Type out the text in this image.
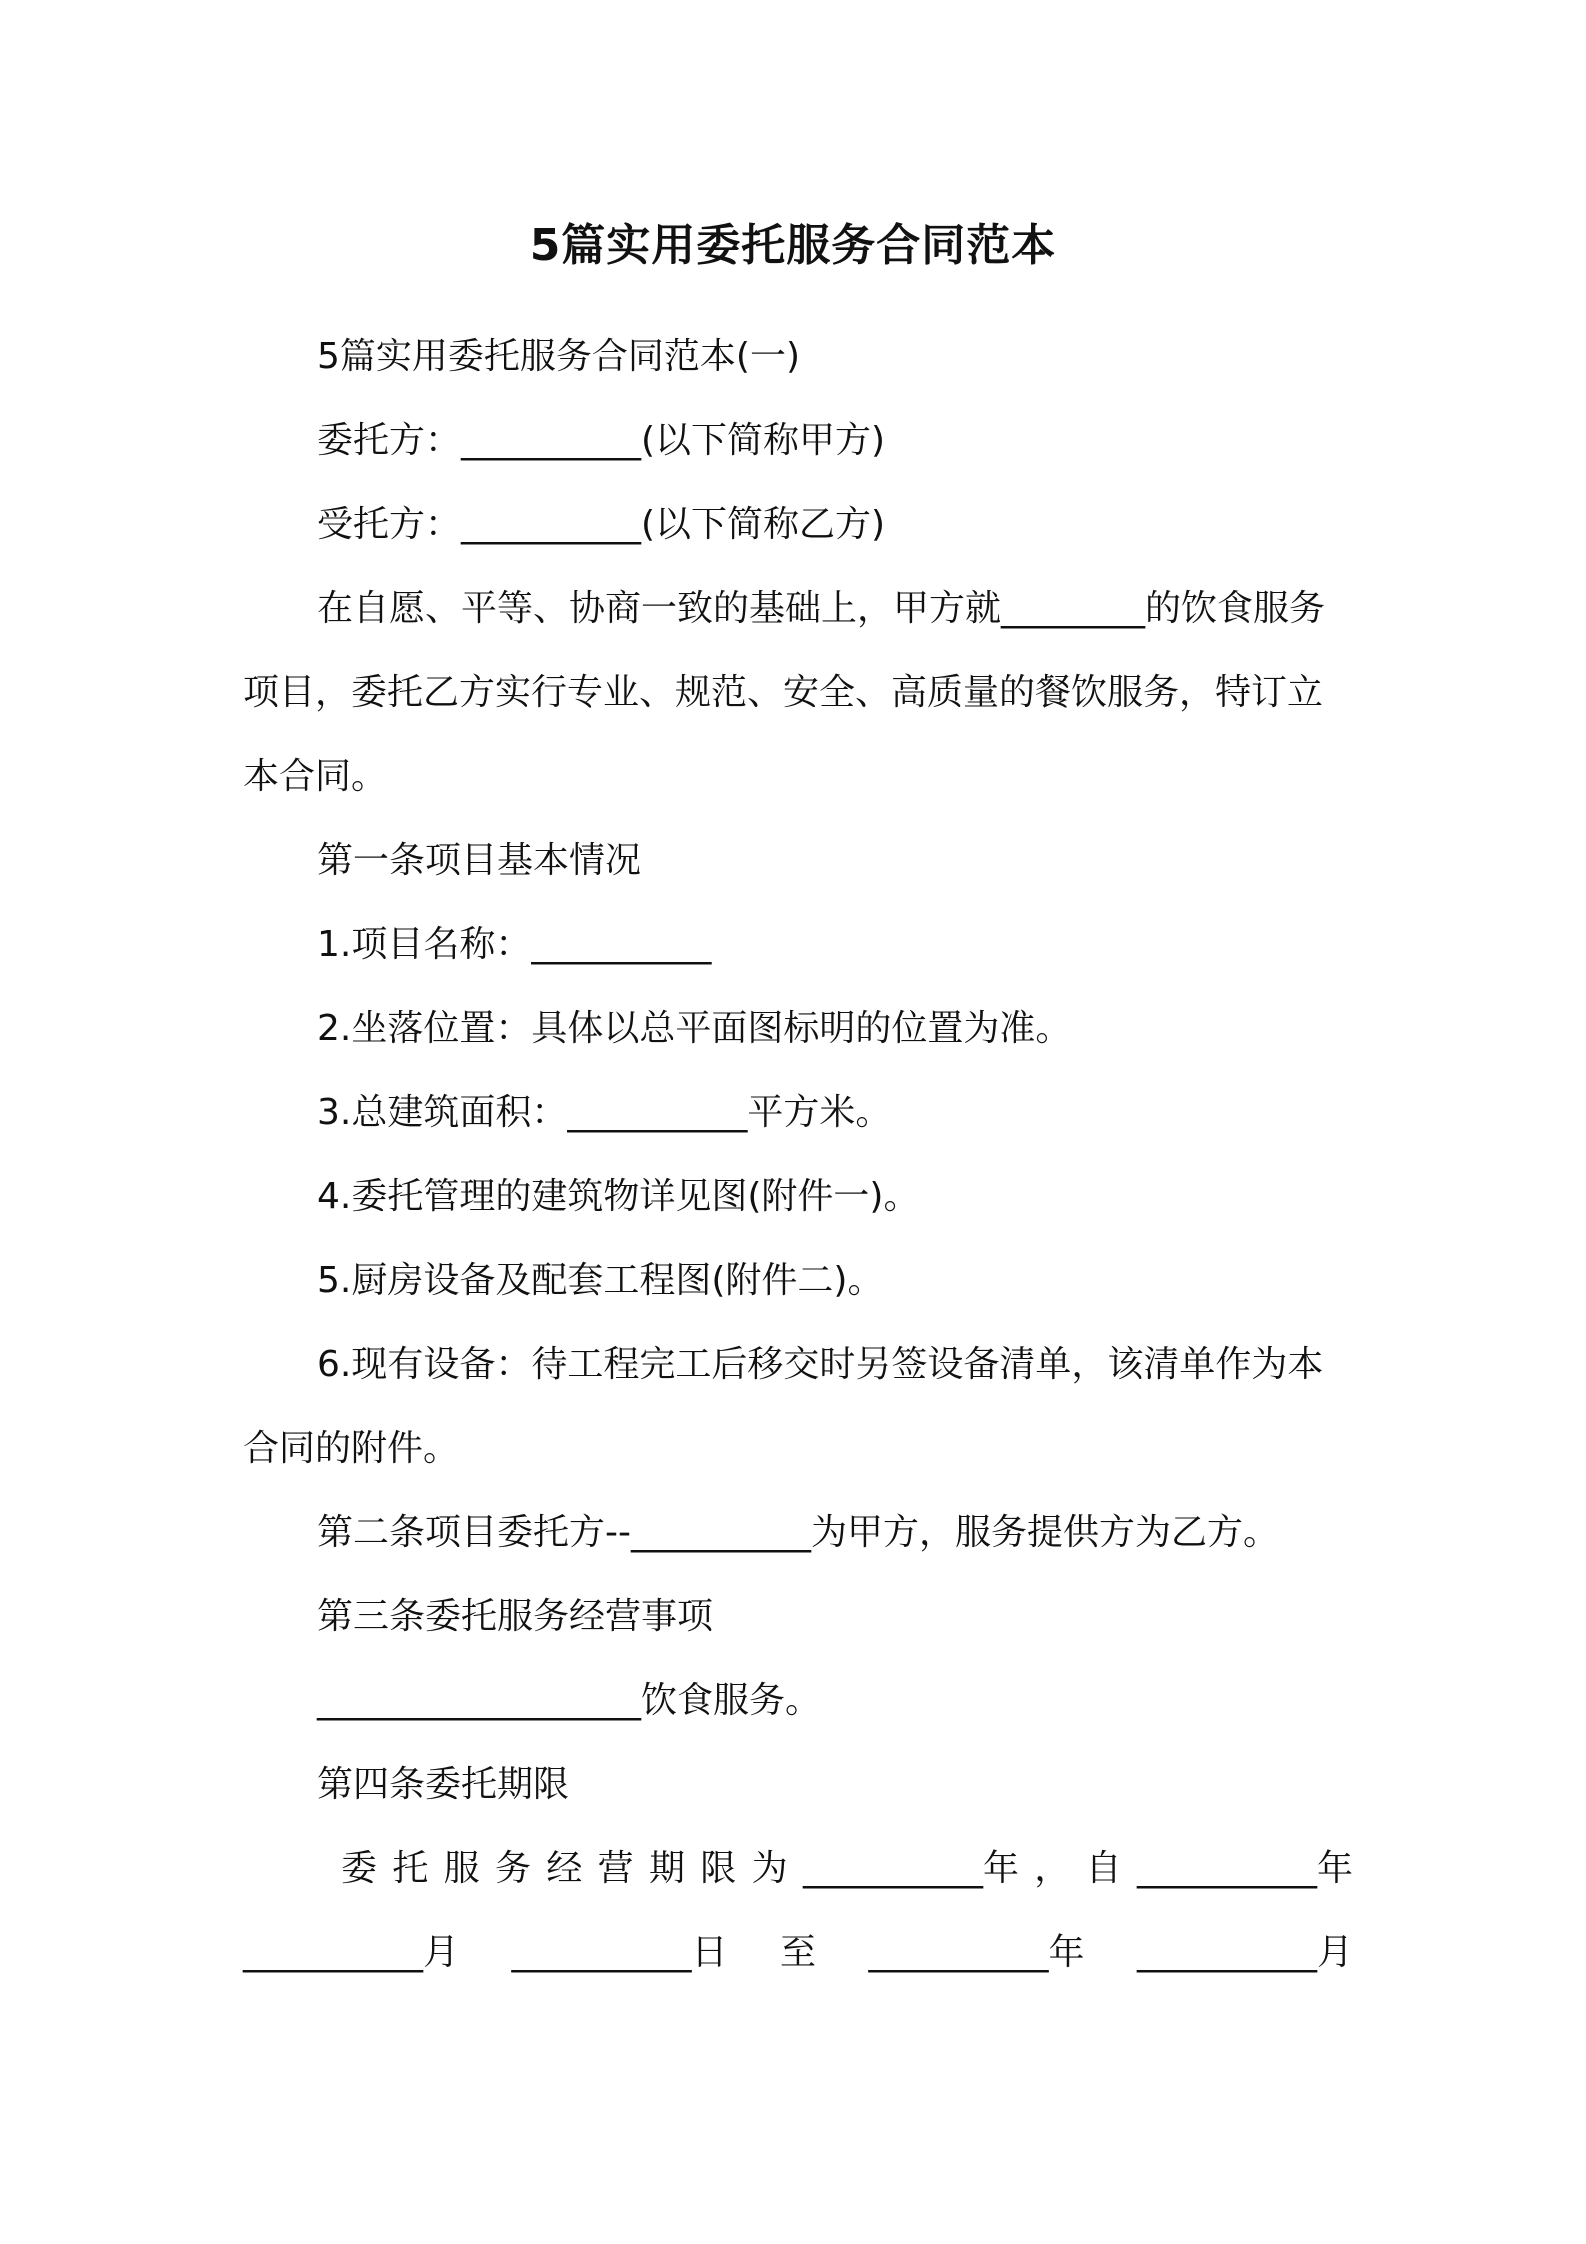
5篇实用委托服务合同范本
5篇实用委托服务合同范本(一)
委托方：__________(以下简称甲方)
受托方：__________(以下简称乙方)
在自愿、平等、协商一致的基础上，甲方就________的饮食服务
项目，委托乙方实行专业、规范、安全、高质量的餐饮服务，特订立
本合同。
第一条项目基本情况
1.项目名称：__________
2.坐落位置：具体以总平面图标明的位置为准。
3.总建筑面积：__________平方米。
4.委托管理的建筑物详见图(附件一)。
5.厨房设备及配套工程图(附件二)。
6.现有设备：待工程完工后移交时另签设备清单，该清单作为本
合同的附件。
第二条项目委托方--__________为甲方，服务提供方为乙方。
第三条委托服务经营事项
__________________饮食服务。
第四条委托期限
委 托 服 务 经 营 期 限 为 __________年 ， 自 __________年
__________月 __________日 至 __________年 __________月
